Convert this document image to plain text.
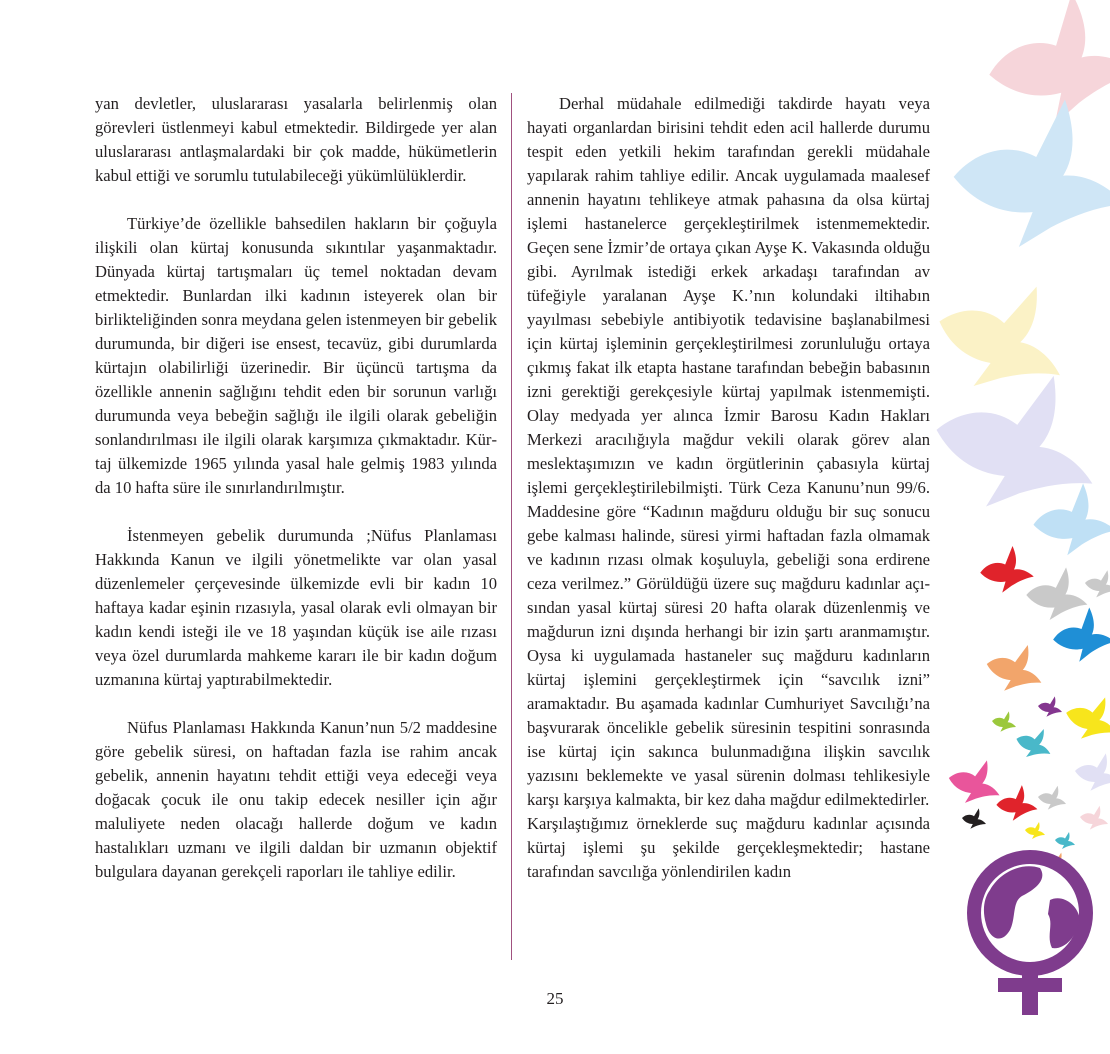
yan devletler, uluslararası yasalarla belirlenmiş olan görevleri üstlenmeyi kabul etmektedir. Bildirgede yer alan uluslararası antlaşmalardaki bir çok madde, hükümetlerin kabul ettiği ve sorumlu tutulabileceği yükümlülüklerdir.

Türkiye’de özellikle bahsedilen hakların bir çoğuyla ilişkili olan kürtaj konusunda sıkıntılar yaşanmaktadır. Dünyada kürtaj tartışmaları üç temel noktadan devam etmektedir. Bunlardan ilki kadının isteyerek olan bir birlikteliğinden sonra meydana gelen istenmeyen bir gebelik durumunda, bir diğeri ise ensest, tecavüz, gibi durumlarda kürtajın olabilirliği üzerinedir. Bir üçüncü tartışma da özellikle annenin sağlığını tehdit eden bir sorunun varlığı durumunda veya bebeğin sağlığı ile ilgili olarak gebeliğin sonlandırılması ile ilgili olarak karşımıza çıkmaktadır. Kürtaj ülkemizde 1965 yılında yasal hale gelmiş 1983 yılında da 10 hafta süre ile sınırlandırılmıştır.

İstenmeyen gebelik durumunda ;Nüfus Planlaması Hakkında Kanun ve ilgili yönetmelikte var olan yasal düzenlemeler çerçevesinde ülkemizde evli bir kadın 10 haftaya kadar eşinin rızasıyla, yasal olarak evli olmayan bir kadın kendi isteği ile ve 18 yaşından küçük ise aile rızası veya özel durumlarda mahkeme kararı ile bir kadın doğum uzmanına kürtaj yaptırabilmektedir.

Nüfus Planlaması Hakkında Kanun’nun 5/2 maddesine göre gebelik süresi, on haftadan fazla ise rahim ancak gebelik, annenin hayatını tehdit ettiği veya edeceği veya doğacak çocuk ile onu takip edecek nesiller için ağır maluliyete neden olacağı hallerde doğum ve kadın hastalıkları uzmanı ve ilgili daldan bir uzmanın objektif bulgulara dayanan gerekçeli raporları ile tahliye edilir.

Derhal müdahale edilmediği takdirde hayatı veya hayati organlardan birisini tehdit eden acil hallerde durumu tespit eden yetkili hekim tarafından gerekli müdahale yapılarak rahim tahliye edilir. Ancak uygulamada maalesef annenin hayatını tehlikeye atmak pahasına da olsa kürtaj işlemi hastanelerce gerçekleştirilmek istenmemektedir. Geçen sene İzmir’de ortaya çıkan Ayşe K. Vakasında olduğu gibi. Ayrılmak istediği erkek arkadaşı tarafından av tüfeğiyle yaralanan Ayşe K.’nın kolundaki iltihabın yayılması sebebiyle antibiyotik tedavisine başlanabilmesi için kürtaj işleminin gerçekleştirilmesi zorunluluğu ortaya çıkmış fakat ilk etapta hastane tarafından bebeğin babasının izni gerektiği gerekçesiyle kürtaj yapılmak istenmemişti. Olay medyada yer alınca İzmir Barosu Kadın Hakları Merkezi aracılığıyla mağdur vekili olarak görev alan meslektaşımızın ve kadın örgütlerinin çabasıyla kürtaj işlemi gerçekleştirilebilmişti. Türk Ceza Kanunu’nun 99/6. Maddesine göre “Kadının mağduru olduğu bir suç sonucu gebe kalması halinde, süresi yirmi haftadan fazla olmamak ve kadının rızası olmak koşuluyla, gebeliği sona erdirene ceza verilmez.” Görüldüğü üzere suç mağduru kadınlar açısından yasal kürtaj süresi 20 hafta olarak düzenlenmiş ve mağdurun izni dışında herhangi bir izin şartı aranmamıştır. Oysa ki uygulamada hastaneler suç mağduru kadınların kürtaj işlemini gerçekleştirmek için “savcılık izni” aramaktadır. Bu aşamada kadınlar Cumhuriyet Savcılığı’na başvurarak öncelikle gebelik süresinin tespitini sonrasında ise kürtaj için sakınca bulunmadığına ilişkin savcılık yazısını beklemekte ve yasal sürenin dolması tehlikesiyle karşı karşıya kalmakta, bir kez daha mağdur edilmektedirler.

Karşılaştığımız örneklerde suç mağduru kadınlar açısında kürtaj işlemi şu şekilde gerçekleşmektedir; hastane tarafından savcılığa yönlendirilen kadın

25
